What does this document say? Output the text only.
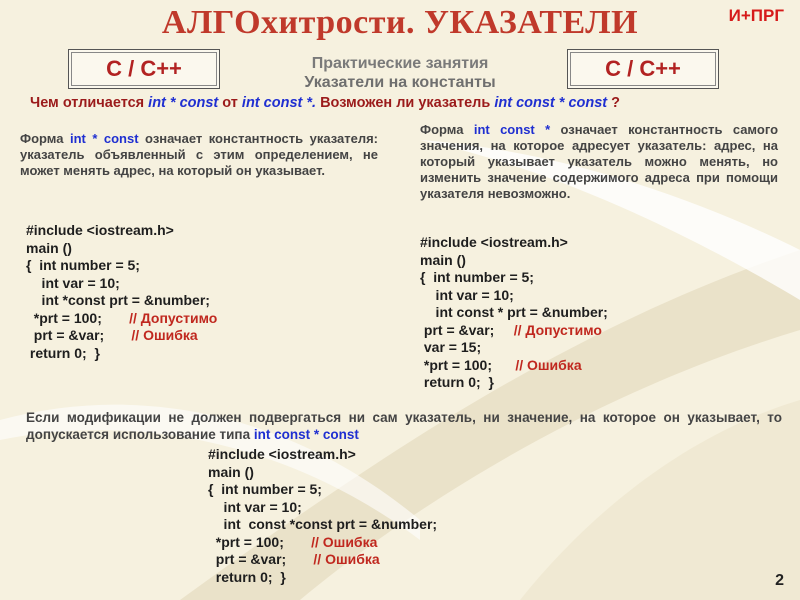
АЛГОхитрости. УКАЗАТЕЛИ	И+ПРГ
C / C++	C / C++
Практические занятия
Указатели на константы
Чем отличается int * const от int const *. Возможен ли указатель int const * const ?
Форма int * const означает константность указателя: указатель объявленный с этим определением, не может менять адрес, на который он указывает.
Форма int const * означает константность самого значения, на которое адресует указатель: адрес, на который указывает указатель можно менять, но изменить значение содержимого адреса при помощи указателя невозможно.
#include <iostream.h>
main ()
{  int number = 5;
int var = 10;
int *const prt = &number;
*prt = 100;       // Допустимо
prt = &var;       // Ошибка
return 0;  }
#include <iostream.h>
main ()
{  int number = 5;
int var = 10;
int const * prt = &number;
prt = &var;     // Допустимо
var = 15;
*prt = 100;      // Ошибка
return 0;  }
Если модификации не должен подвергаться ни сам указатель, ни значение, на которое он указывает, то допускается использование типа int const * const
#include <iostream.h>
main ()
{  int number = 5;
int var = 10;
int  const *const prt = &number;
*prt = 100;       // Ошибка
prt = &var;       // Ошибка
return 0;  }	2
